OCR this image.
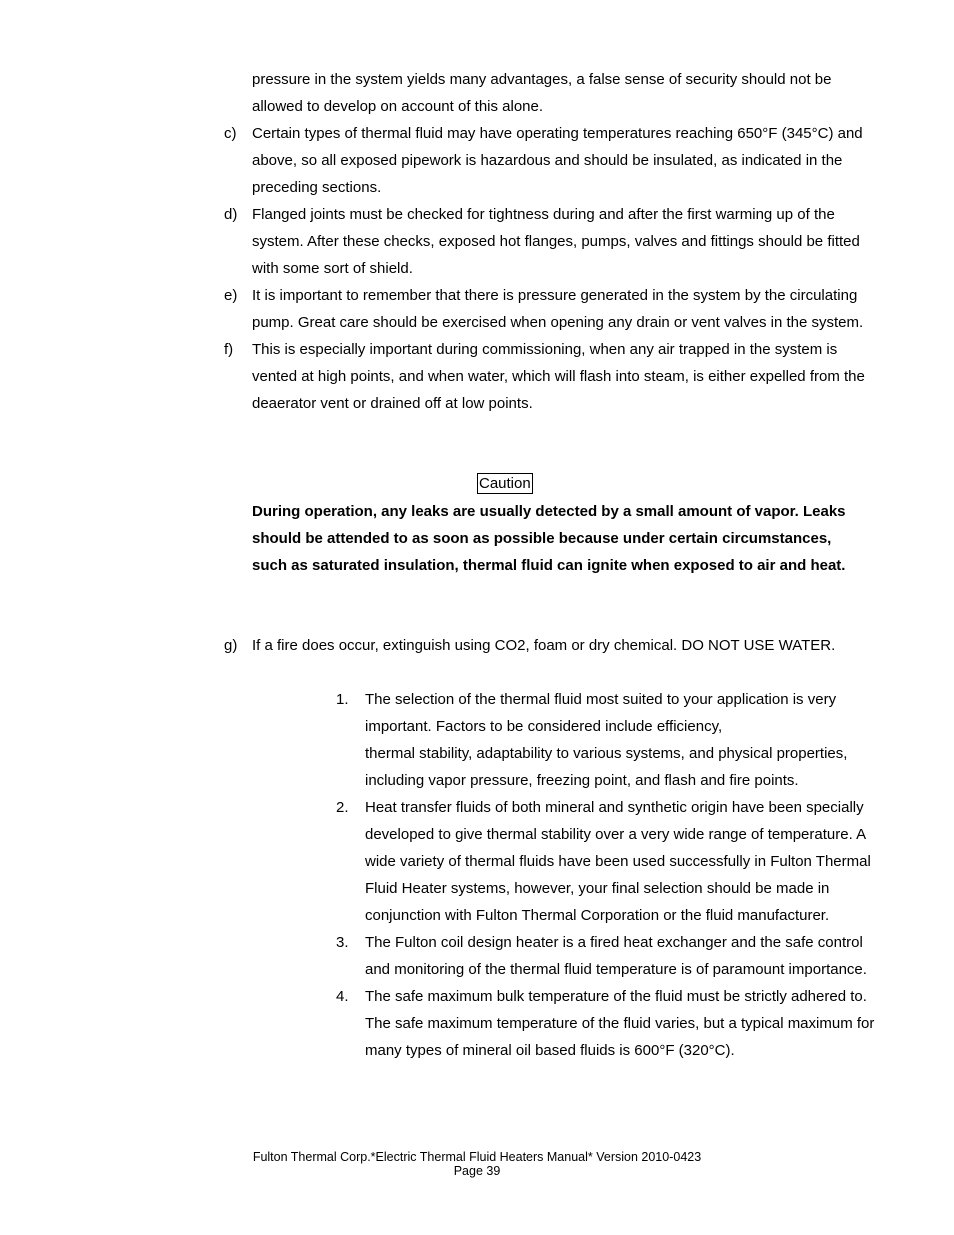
pressure in the system yields many advantages, a false sense of security should not be allowed to develop on account of this alone.

c)	Certain types of thermal fluid may have operating temperatures reaching 650°F (345°C) and above, so all exposed pipework is hazardous and should be insulated, as indicated in the preceding sections.
d) Flanged joints must be checked for tightness during and after the first warming up of the system. After these checks, exposed hot flanges, pumps, valves and fittings should be fitted with some sort of shield.
e) It is important to remember that there is pressure generated in the system by the circulating pump. Great care should be exercised when opening any drain or vent valves in the system.
f)	This is especially important during commissioning, when any air trapped in the system is vented at high points, and when water, which will flash into steam, is either expelled from the deaerator vent or drained off at low points.
Caution

During operation, any leaks are usually detected by a small amount of vapor. Leaks should be attended to as soon as possible because under certain circumstances, such as saturated insulation, thermal fluid can ignite when exposed to air and heat.

g) If a fire does occur, extinguish using CO2, foam or dry chemical. DO NOT USE WATER.
1.	The selection of the thermal fluid most suited to your application is very important. Factors to be considered include efficiency,
thermal stability, adaptability to various systems, and physical properties, including vapor pressure, freezing point, and flash and fire points.
2.	Heat transfer fluids of both mineral and synthetic origin have been specially developed to give thermal stability over a very wide range of temperature. A wide variety of thermal fluids have been used successfully in Fulton Thermal Fluid Heater systems, however, your final selection should be made in conjunction with Fulton Thermal Corporation or the fluid manufacturer.
3.	The Fulton coil design heater is a fired heat exchanger and the safe control and monitoring of the thermal fluid temperature is of paramount importance.
4.	The safe maximum bulk temperature of the fluid must be strictly adhered to. The safe maximum temperature of the fluid varies, but a typical maximum for many types of mineral oil based fluids is 600°F (320°C).
Fulton Thermal Corp.*Electric Thermal Fluid Heaters Manual* Version 2010-0423
Page 39
